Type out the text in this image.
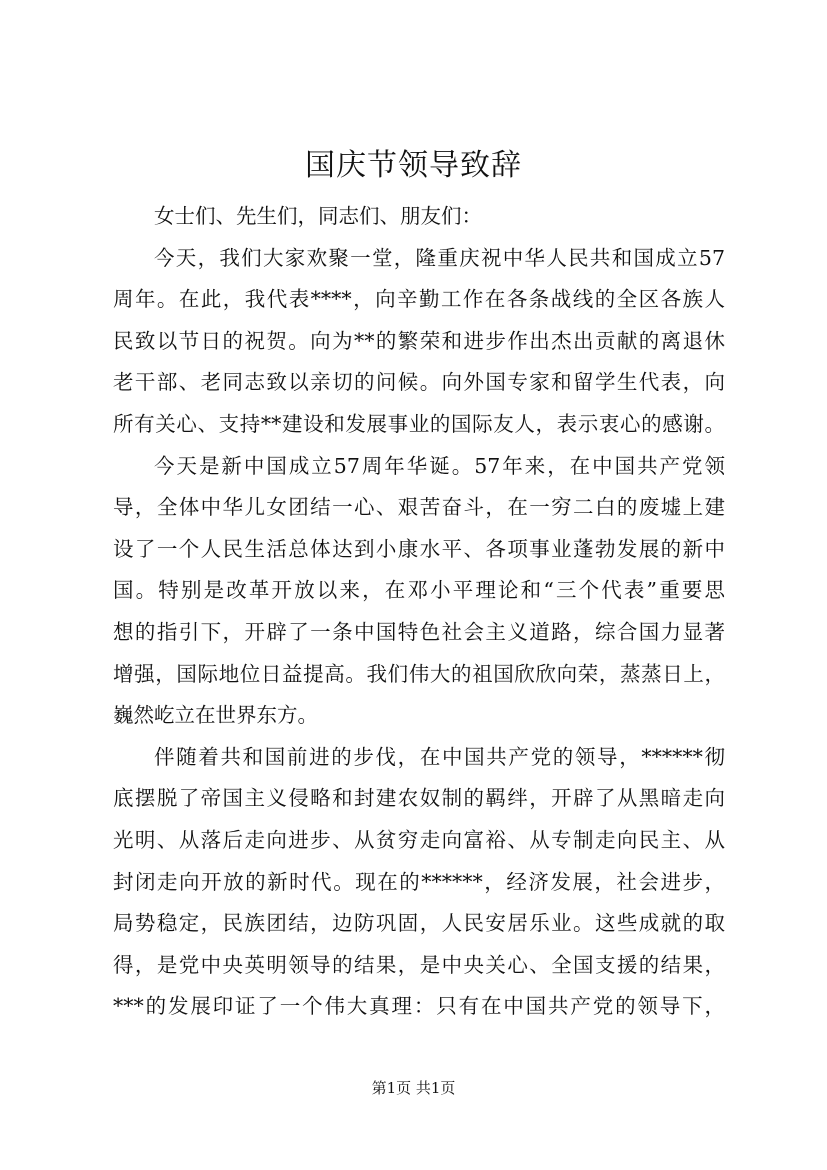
国庆节领导致辞
女士们、先生们，同志们、朋友们：
今天，我们大家欢聚一堂，隆重庆祝中华人民共和国成立57
周年。在此，我代表****，向辛勤工作在各条战线的全区各族人
民致以节日的祝贺。向为**的繁荣和进步作出杰出贡献的离退休
老干部、老同志致以亲切的问候。向外国专家和留学生代表，向
所有关心、支持**建设和发展事业的国际友人，表示衷心的感谢。
今天是新中国成立57周年华诞。57年来，在中国共产党领
导，全体中华儿女团结一心、艰苦奋斗，在一穷二白的废墟上建
设了一个人民生活总体达到小康水平、各项事业蓬勃发展的新中
国。特别是改革开放以来，在邓小平理论和“三个代表”重要思
想的指引下，开辟了一条中国特色社会主义道路，综合国力显著
增强，国际地位日益提高。我们伟大的祖国欣欣向荣，蒸蒸日上，
巍然屹立在世界东方。
伴随着共和国前进的步伐，在中国共产党的领导，******彻
底摆脱了帝国主义侵略和封建农奴制的羁绊，开辟了从黑暗走向
光明、从落后走向进步、从贫穷走向富裕、从专制走向民主、从
封闭走向开放的新时代。现在的******，经济发展，社会进步，
局势稳定，民族团结，边防巩固，人民安居乐业。这些成就的取
得，是党中央英明领导的结果，是中央关心、全国支援的结果，
***的发展印证了一个伟大真理：只有在中国共产党的领导下，
第1页 共1页
